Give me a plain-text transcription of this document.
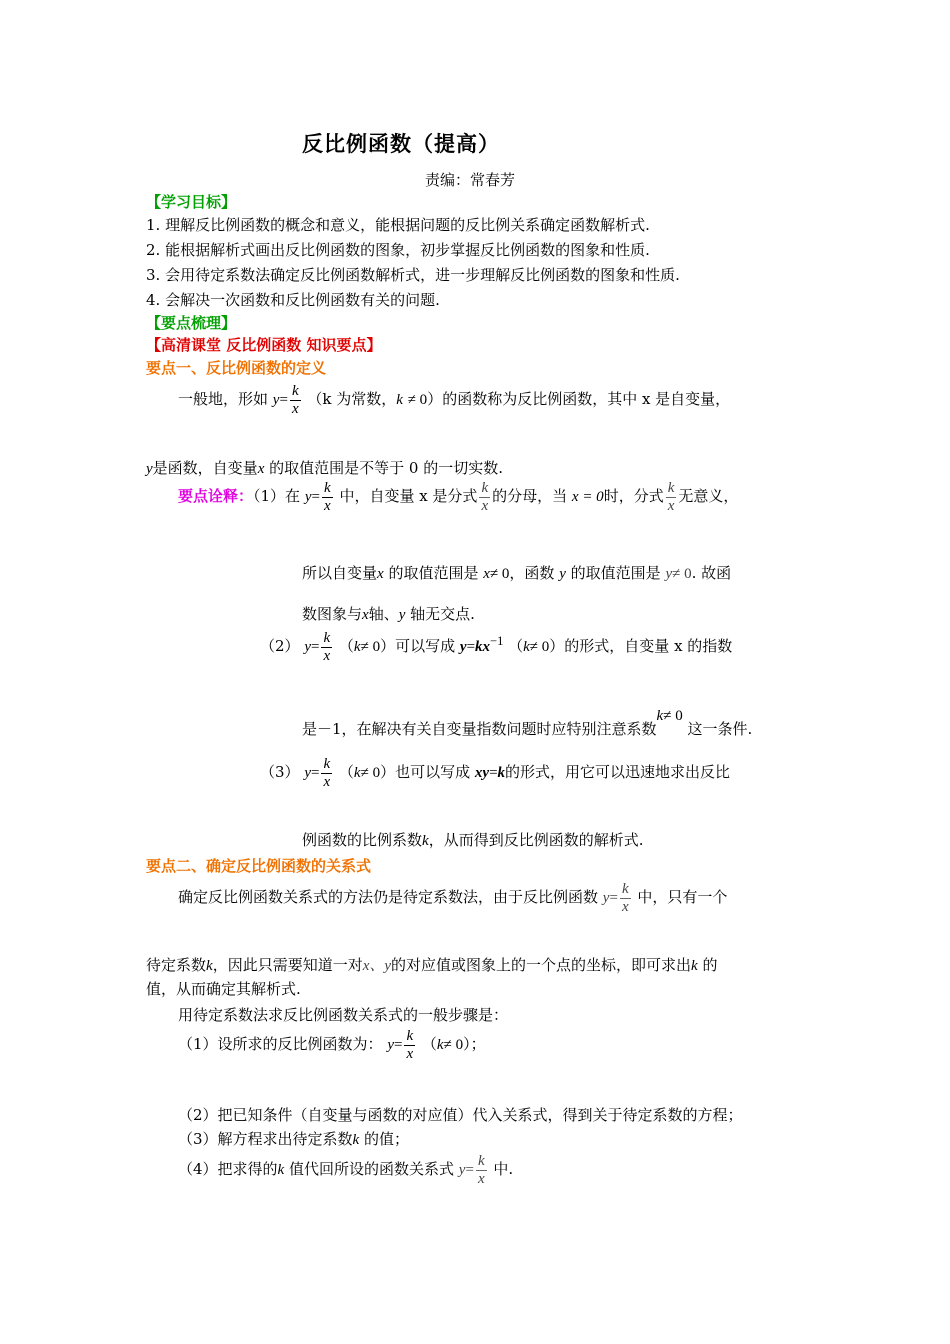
反比例函数（提高）
责编：常春芳
【学习目标】
1. 理解反比例函数的概念和意义，能根据问题的反比例关系确定函数解析式.
2. 能根据解析式画出反比例函数的图象，初步掌握反比例函数的图象和性质.
3. 会用待定系数法确定反比例函数解析式，进一步理解反比例函数的图象和性质.
4. 会解决一次函数和反比例函数有关的问题.
【要点梳理】
【高清课堂 反比例函数 知识要点】
要点一、反比例函数的定义
一般地，形如 $y= \frac{k}{x} (k$ 为常数，k ≠ 0）的函数称为反比例函数，其中 x 是自变量，
y是函数，自变量x 的取值范围是不等于 0 的一切实数.
要点诠释：（1）在 $y= \frac{k}{x}$ 中，自变量 x 是分式 $\frac{k}{x}$ 的分母，当 x = 0时，分式 $\frac{k}{x}$ 无意义，
所以自变量x 的取值范围是 x≠ 0，函数 y 的取值范围是 y≠ 0. 故函
数图象与x轴、y 轴无交点.
（2） $y= \frac{k}{x} (k\ne 0)$可以写成 $y=kx^{-1}$ （k≠ 0）的形式，自变量 x 的指数
是－1，在解决有关自变量指数问题时应特别注意系数k≠ 0 这一条件.
（3） $y= \frac{k}{x} (k\ne 0)$也可以写成 xy=k的形式，用它可以迅速地求出反比
例函数的比例系数k，从而得到反比例函数的解析式.
要点二、确定反比例函数的关系式
确定反比例函数关系式的方法仍是待定系数法，由于反比例函数 $y= \frac{k}{x}$ 中，只有一个
待定系数k，因此只需要知道一对x、y的对应值或图象上的一个点的坐标，即可求出k 的
值，从而确定其解析式.
用待定系数法求反比例函数关系式的一般步骤是：
（1）设所求的反比例函数为： $y= \frac{k}{x} (k\ne 0)$；
（2）把已知条件（自变量与函数的对应值）代入关系式，得到关于待定系数的方程；
（3）解方程求出待定系数k 的值；
（4）把求得的k 值代回所设的函数关系式 $y= \frac{k}{x}$ 中.
